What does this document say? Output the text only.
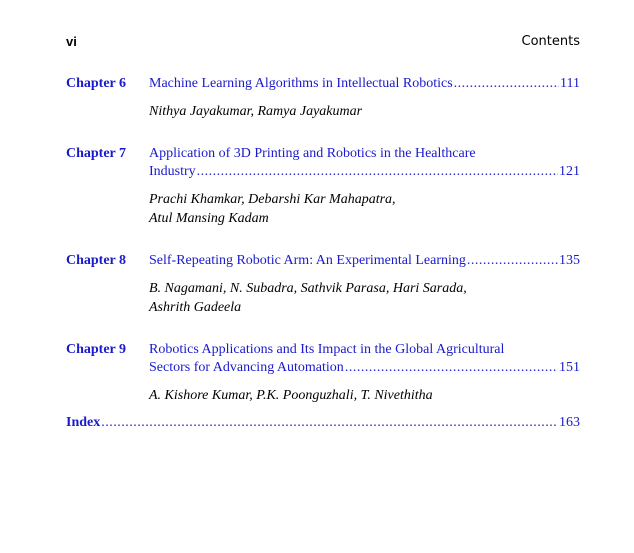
vi	Contents
Chapter 6 Machine Learning Algorithms in Intellectual Robotics .....	111
Nithya Jayakumar, Ramya Jayakumar
Chapter 7 Application of 3D Printing and Robotics in the Healthcare
Industry .....	121
Prachi Khamkar, Debarshi Kar Mahapatra,
Atul Mansing Kadam
Chapter 8 Self-Repeating Robotic Arm: An Experimental Learning .....	135
B. Nagamani, N. Subadra, Sathvik Parasa, Hari Sarada,
Ashrith Gadeela
Chapter 9 Robotics Applications and Its Impact in the Global Agricultural
Sectors for Advancing Automation .....	151
A. Kishore Kumar, P.K. Poonguzhali, T. Nivethitha
Index .....	163
